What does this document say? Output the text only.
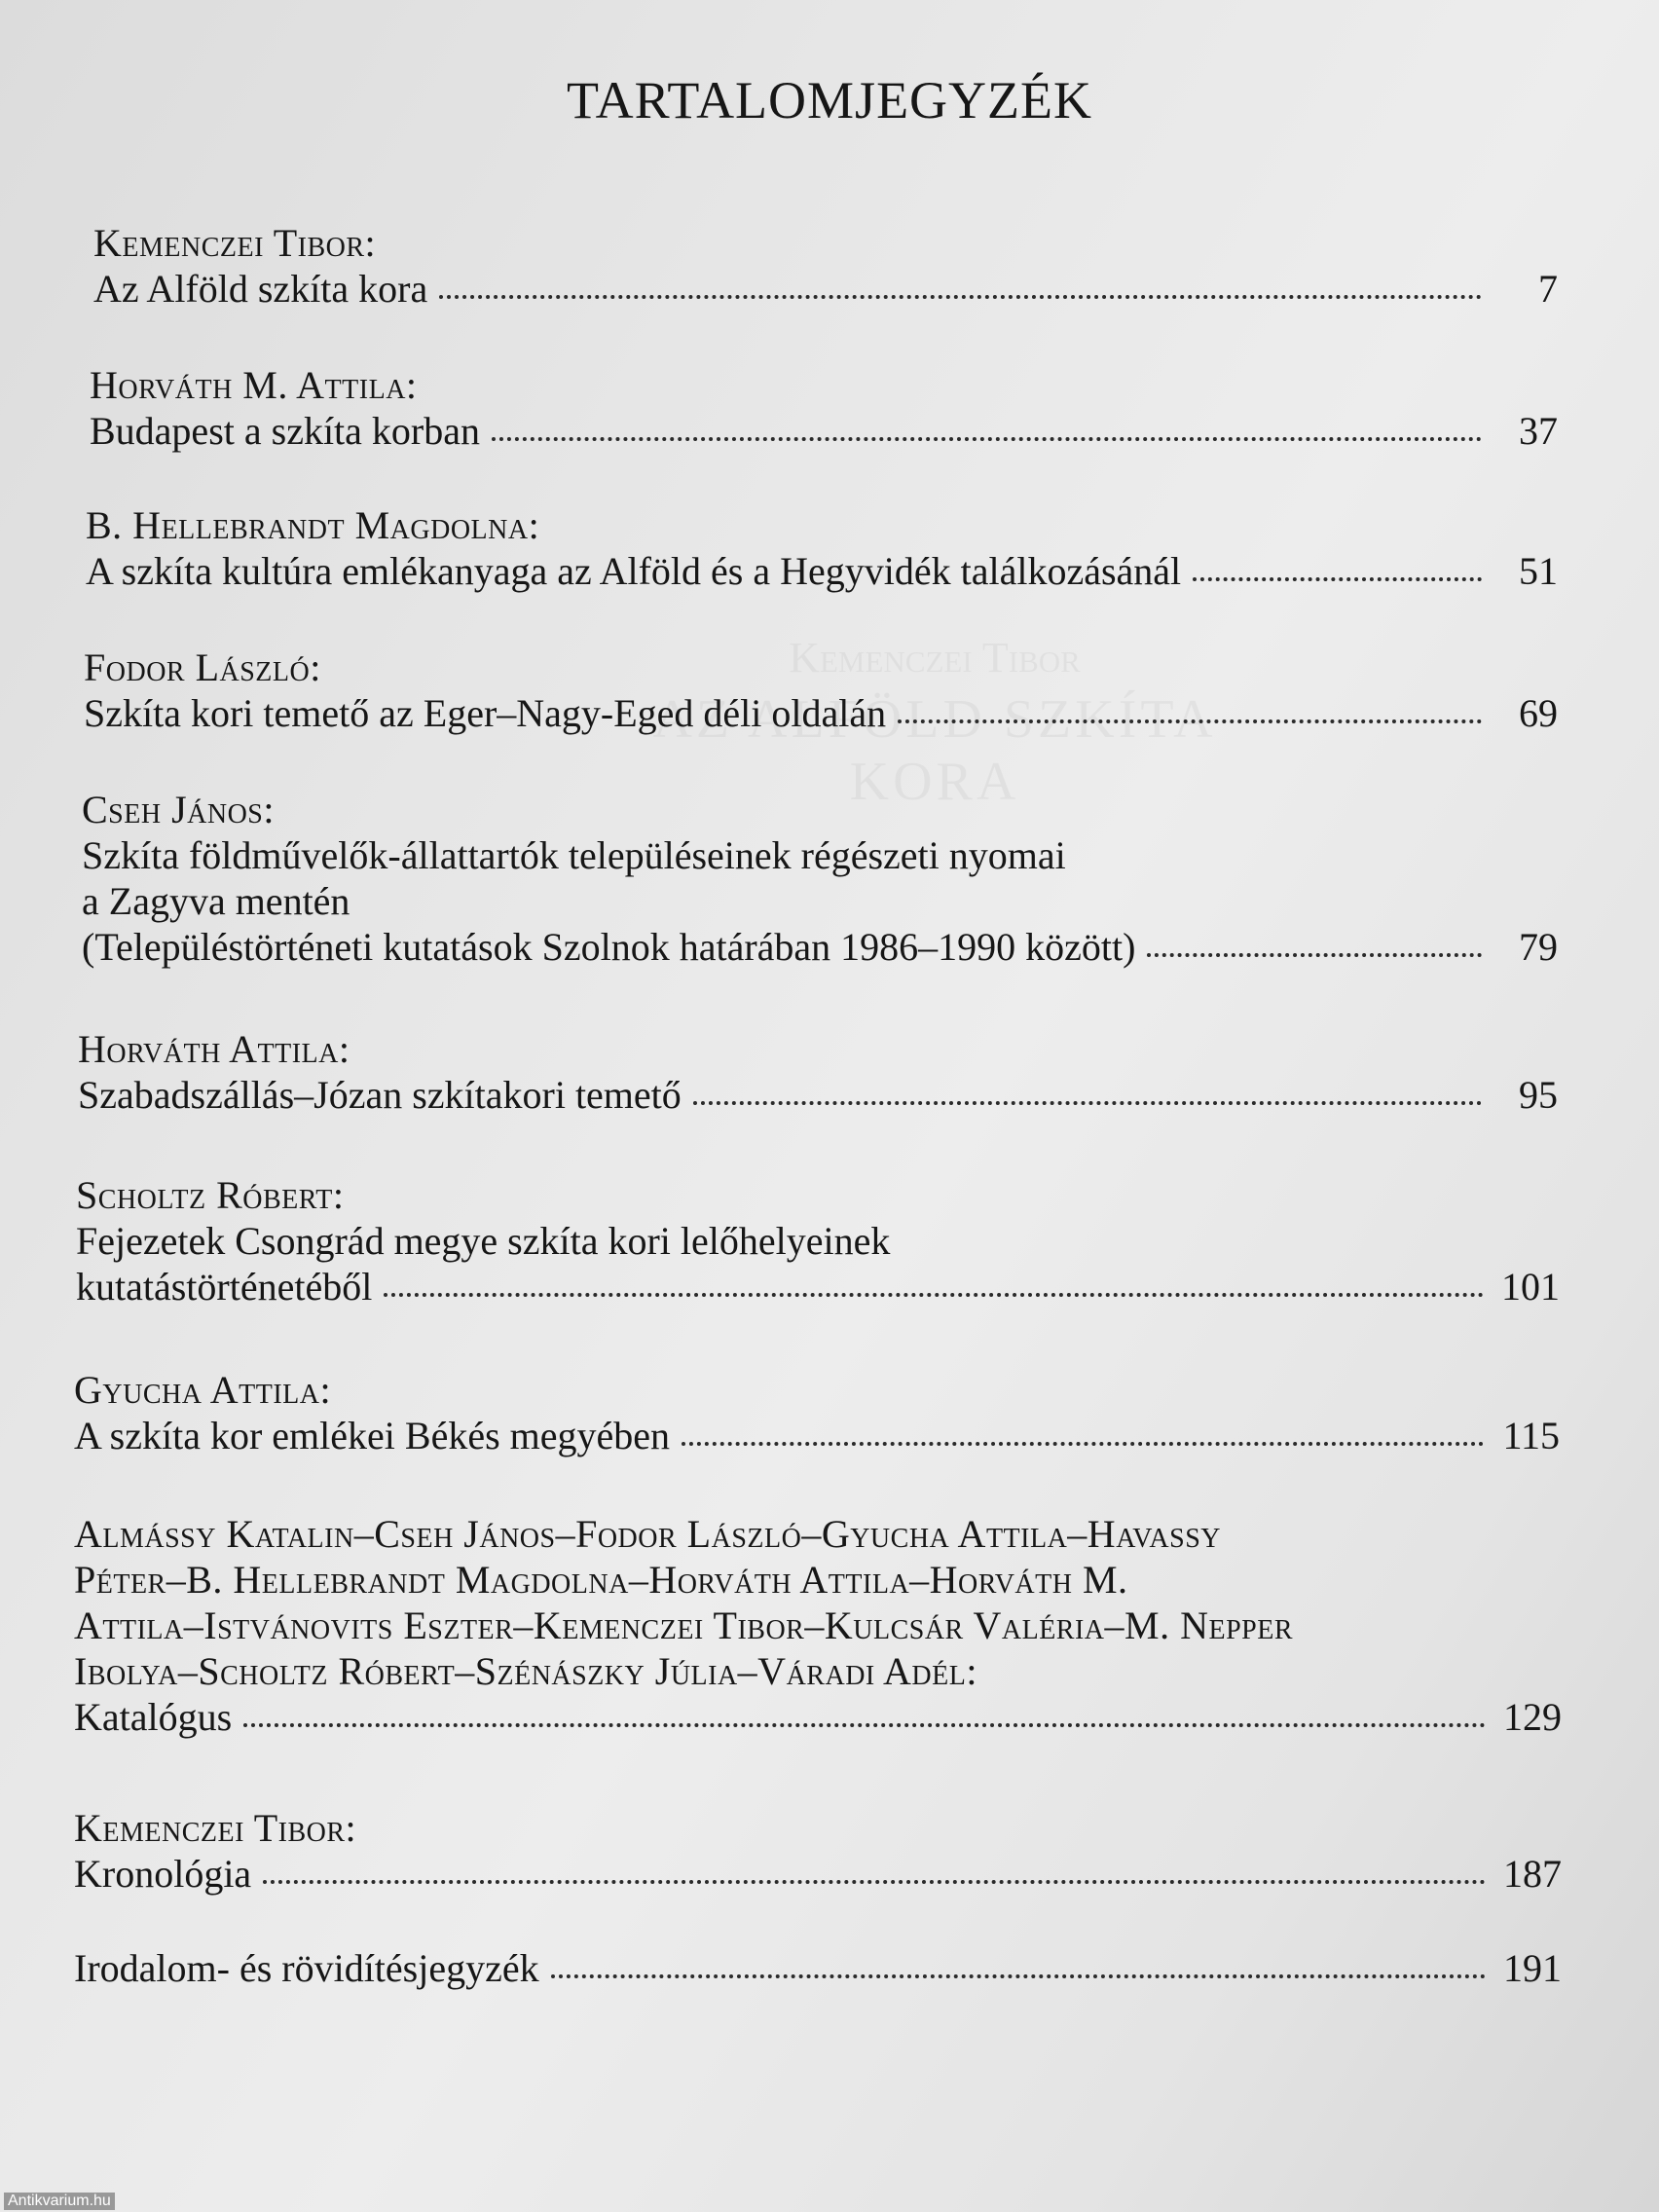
TARTALOMJEGYZÉK
Kemenczei Tibor:
Az Alföld szkíta kora	7
Horváth M. Attila:
Budapest a szkíta korban	37
B. Hellebrandt Magdolna:
A szkíta kultúra emlékanyaga az Alföld és a Hegyvidék találkozásánál	51
Fodor László:
Szkíta kori temető az Eger–Nagy-Eged déli oldalán	69
Cseh János:
Szkíta földművelők-állattartók településeinek régészeti nyomai
a Zagyva mentén
(Településtörténeti kutatások Szolnok határában 1986–1990 között)	79
Horváth Attila:
Szabadszállás–Józan szkítakori temető	95
Scholtz Róbert:
Fejezetek Csongrád megye szkíta kori lelőhelyeinek
kutatástörténetéből	101
Gyucha Attila:
A szkíta kor emlékei Békés megyében	115
Almássy Katalin–Cseh János–Fodor László–Gyucha Attila–Havassy
Péter–B. Hellebrandt Magdolna–Horváth Attila–Horváth M.
Attila–Istvánovits Eszter–Kemenczei Tibor–Kulcsár Valéria–M. Nepper
Ibolya–Scholtz Róbert–Szénászky Júlia–Váradi Adél:
Katalógus	129
Kemenczei Tibor:
Kronológia	187
Irodalom- és rövidítésjegyzék	191
Antikvarium.hu
